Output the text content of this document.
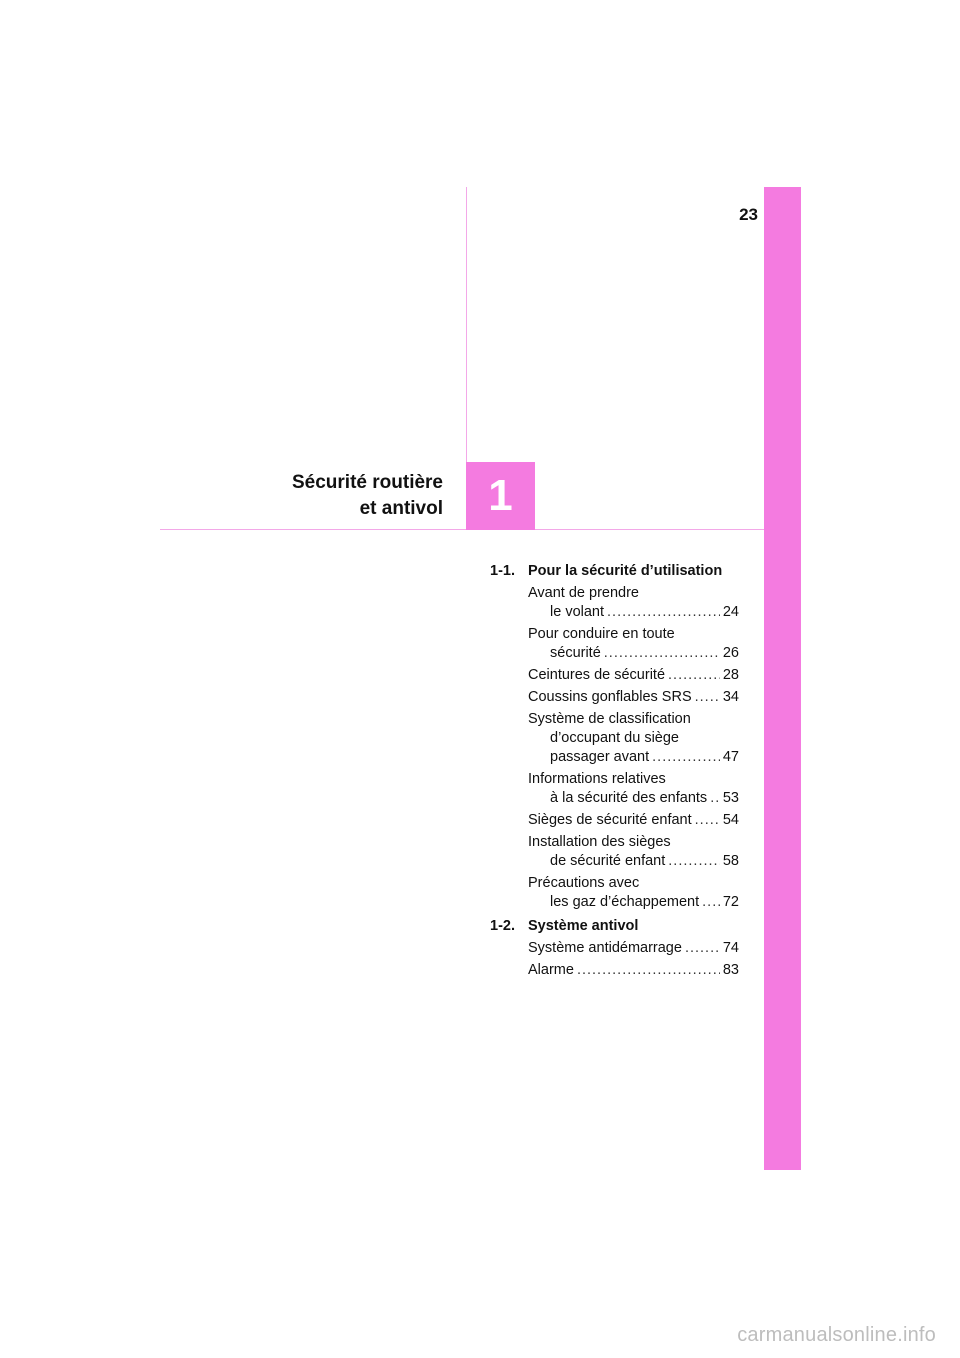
23
Sécurité routière
et antivol	1
1-1. Pour la sécurité d’utilisation
Avant de prendre
le volant .....	24
Pour conduire en toute
sécurité .....	26
Ceintures de sécurité .....	28
Coussins gonflables SRS ..... 34
Système de classification
d’occupant du siège
passager avant .....	47
Informations relatives
à la sécurité des enfants ..... 53
Sièges de sécurité enfant ..... 54
Installation des sièges
de sécurité enfant .....	58
Précautions avec
les gaz d’échappement ..... 72
1-2. Système antivol
Système antidémarrage .....	74
Alarme .....	83
carmanualsonline.info
